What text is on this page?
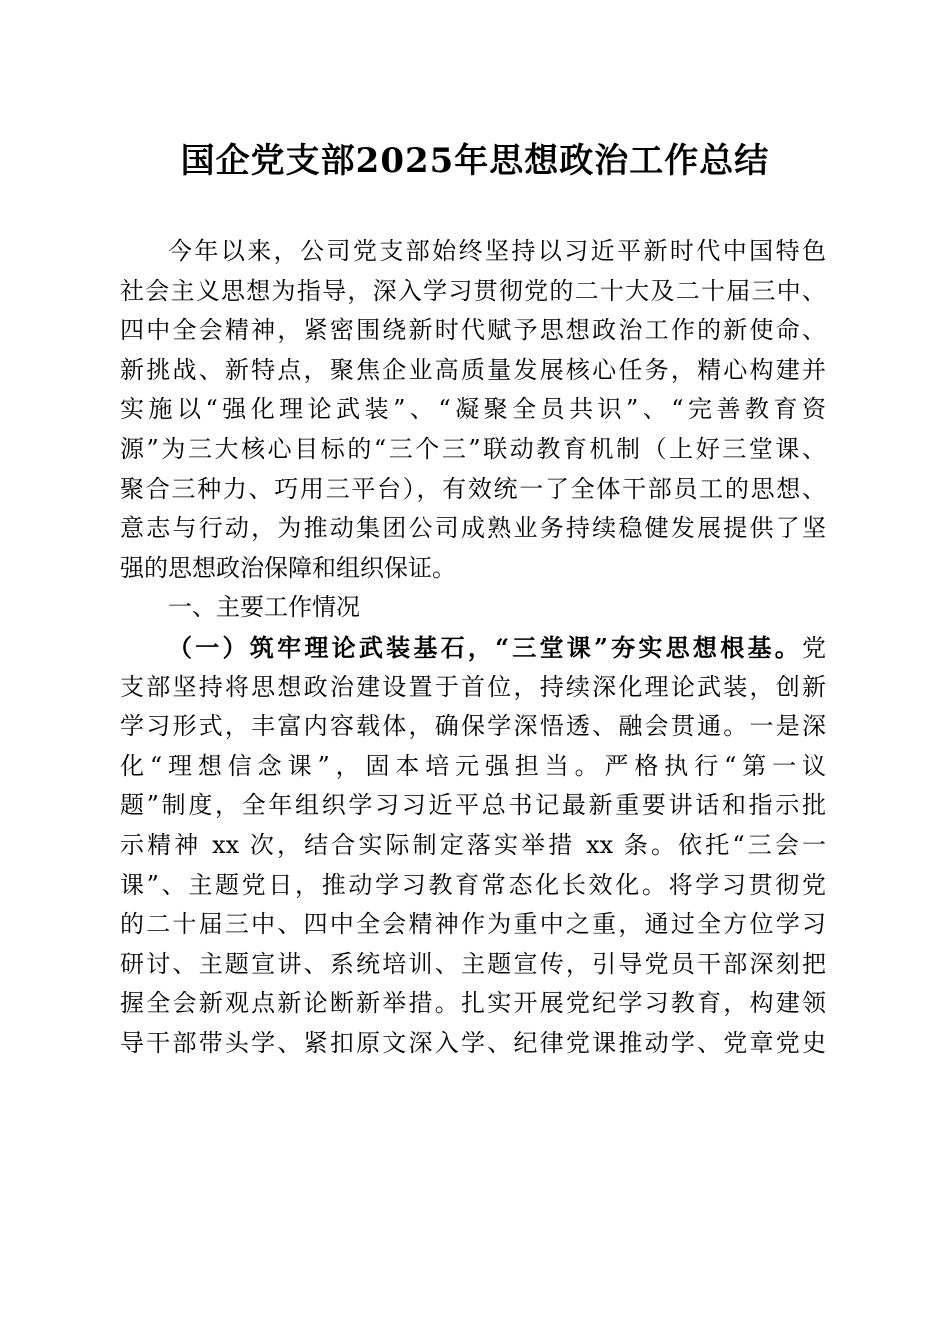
国企党支部2025年思想政治工作总结
今年以来，公司党支部始终坚持以习近平新时代中国特色
社会主义思想为指导，深入学习贯彻党的二十大及二十届三中、
四中全会精神，紧密围绕新时代赋予思想政治工作的新使命、
新挑战、新特点，聚焦企业高质量发展核心任务，精心构建并
实施以“强化理论武装”、“凝聚全员共识”、“完善教育资
源”为三大核心目标的“三个三”联动教育机制（上好三堂课、
聚合三种力、巧用三平台），有效统一了全体干部员工的思想、
意志与行动，为推动集团公司成熟业务持续稳健发展提供了坚
强的思想政治保障和组织保证。
一、主要工作情况
（一）筑牢理论武装基石，“三堂课”夯实思想根基。党
支部坚持将思想政治建设置于首位，持续深化理论武装，创新
学习形式，丰富内容载体，确保学深悟透、融会贯通。一是深
化“理想信念课”，固本培元强担当。严格执行“第一议
题”制度，全年组织学习习近平总书记最新重要讲话和指示批
示精神 xx 次，结合实际制定落实举措 xx 条。依托“三会一
课”、主题党日，推动学习教育常态化长效化。将学习贯彻党
的二十届三中、四中全会精神作为重中之重，通过全方位学习
研讨、主题宣讲、系统培训、主题宣传，引导党员干部深刻把
握全会新观点新论断新举措。扎实开展党纪学习教育，构建领
导干部带头学、紧扣原文深入学、纪律党课推动学、党章党史
